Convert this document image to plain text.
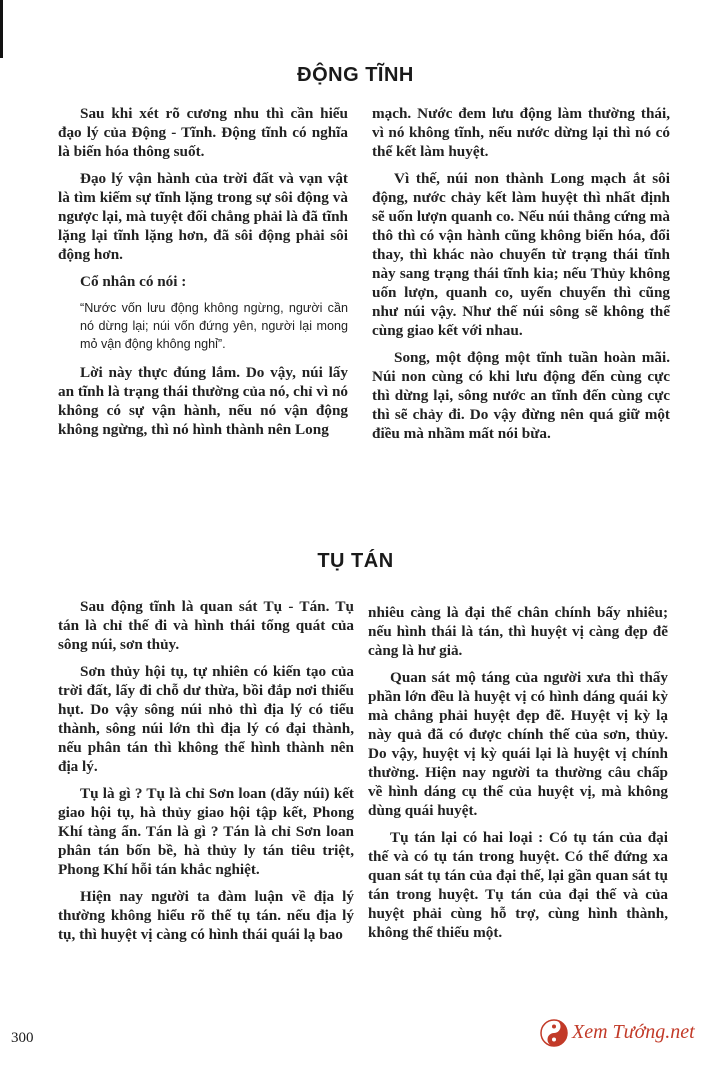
ĐỘNG TĨNH

Sau khi xét rõ cương nhu thì cần hiểu đạo lý của Động - Tĩnh. Động tĩnh có nghĩa là biến hóa thông suốt.

Đạo lý vận hành của trời đất và vạn vật là tìm kiếm sự tĩnh lặng trong sự sôi động và ngược lại, mà tuyệt đối chẳng phải là đã tĩnh lặng lại tĩnh lặng hơn, đã sôi động phải sôi động hơn.

Cổ nhân có nói :

“Nước vốn lưu động không ngừng, người cần nó dừng lại; núi vốn đứng yên, người lại mong mỏ vận động không nghỉ”.

Lời này thực đúng lắm. Do vậy, núi lấy an tĩnh là trạng thái thường của nó, chỉ vì nó không có sự vận hành, nếu nó vận động không ngừng, thì nó hình thành nên Long

mạch. Nước đem lưu động làm thường thái, vì nó không tĩnh, nếu nước dừng lại thì nó có thể kết làm huyệt.

Vì thế, núi non thành Long mạch ắt sôi động, nước chảy kết làm huyệt thì nhất định sẽ uốn lượn quanh co. Nếu núi thẳng cứng mà thô thì có vận hành cũng không biến hóa, đổi thay, thì khác nào chuyển từ trạng thái tĩnh này sang trạng thái tĩnh kia; nếu Thủy không uốn lượn, quanh co, uyển chuyển thì cũng như núi vậy. Như thế núi sông sẽ không thể cùng giao kết với nhau.

Song, một động một tĩnh tuần hoàn mãi. Núi non cùng có khi lưu động đến cùng cực thì dừng lại, sông nước an tĩnh đến cùng cực thì sẽ chảy đi. Do vậy đừng nên quá giữ một điều mà nhầm mất nói bừa.

TỤ TÁN

Sau động tĩnh là quan sát Tụ - Tán. Tụ tán là chỉ thế đi và hình thái tổng quát của sông núi, sơn thủy.

Sơn thủy hội tụ, tự nhiên có kiến tạo của trời đất, lấy đi chỗ dư thừa, bồi đắp nơi thiếu hụt. Do vậy sông núi nhỏ thì địa lý có tiểu thành, sông núi lớn thì địa lý có đại thành, nếu phân tán thì không thể hình thành nên địa lý.

Tụ là gì ? Tụ là chỉ Sơn loan (dãy núi) kết giao hội tụ, hà thủy giao hội tập kết, Phong Khí tàng ẩn. Tán là gì ? Tán là chỉ Sơn loan phân tán bốn bề, hà thủy ly tán tiêu triệt, Phong Khí hỗi tán khắc nghiệt.

Hiện nay người ta đàm luận về địa lý thường không hiểu rõ thế tụ tán. nếu địa lý tụ, thì huyệt vị càng có hình thái quái lạ bao

nhiêu càng là đại thế chân chính bấy nhiêu; nếu hình thái là tán, thì huyệt vị càng đẹp đẽ càng là hư giả.

Quan sát mộ táng của người xưa thì thấy phần lớn đều là huyệt vị có hình dáng quái kỳ mà chẳng phải huyệt đẹp đẽ. Huyệt vị kỳ lạ này quả đã có được chính thế của sơn, thủy. Do vậy, huyệt vị kỳ quái lại là huyệt vị chính thường. Hiện nay người ta thường câu chấp về hình dáng cụ thể của huyệt vị, mà không dùng quái huyệt.

Tụ tán lại có hai loại : Có tụ tán của đại thế và có tụ tán trong huyệt. Có thể đứng xa quan sát tụ tán của đại thế, lại gần quan sát tụ tán trong huyệt. Tụ tán của đại thế và của huyệt phải cùng hỗ trợ, cùng hình thành, không thể thiếu một.

300	Xem Tướng.net
